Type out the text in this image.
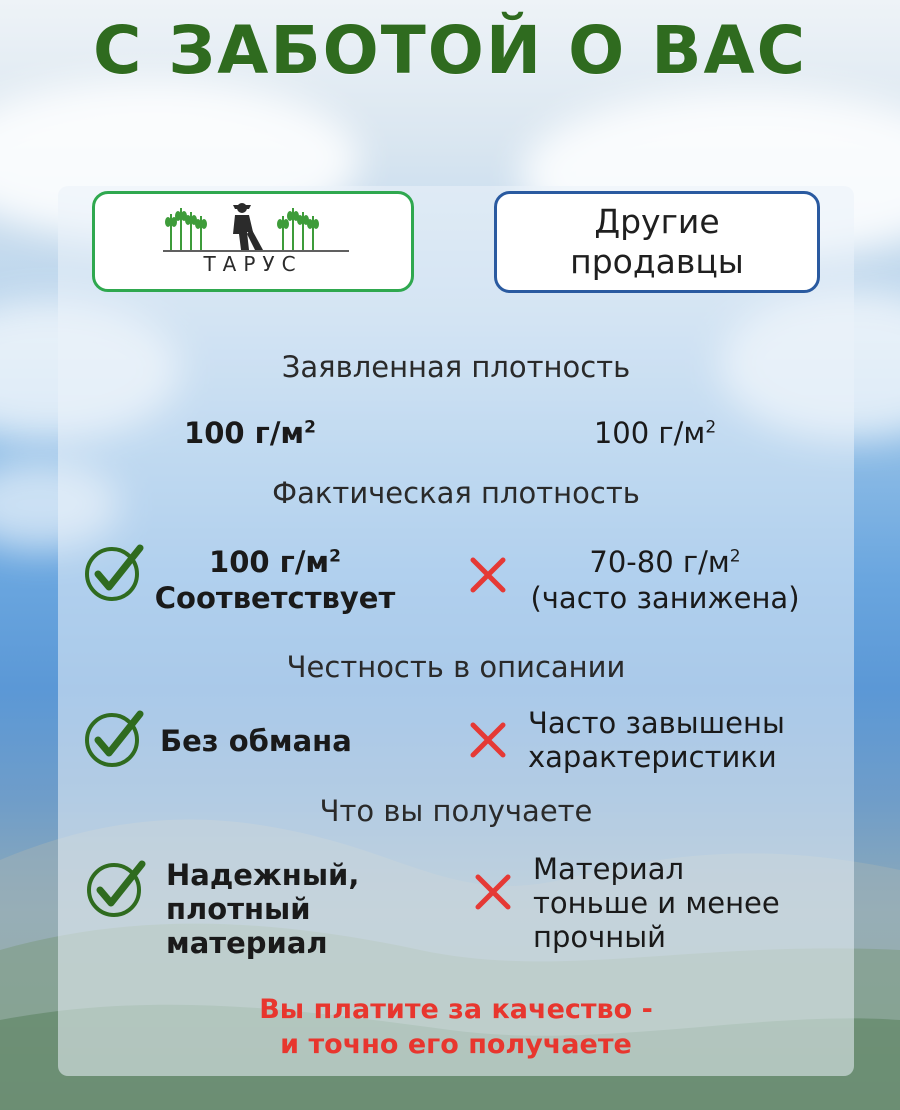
С ЗАБОТОЙ О ВАС
ТАРУС
Другие
продавцы
Заявленная плотность
100 $г/м^2$	100 $г/м^2$
Фактическая плотность
100 $г/м^2$
Соответствует
70-80 $г/м^2$
(часто занижена)
Честность в описании
Без обмана
Часто завышены
характеристики
Что вы получаете
Надежный,
плотный
материал
Материал
тоньше и менее
прочный
Вы платите за качество -
и точно его получаете
